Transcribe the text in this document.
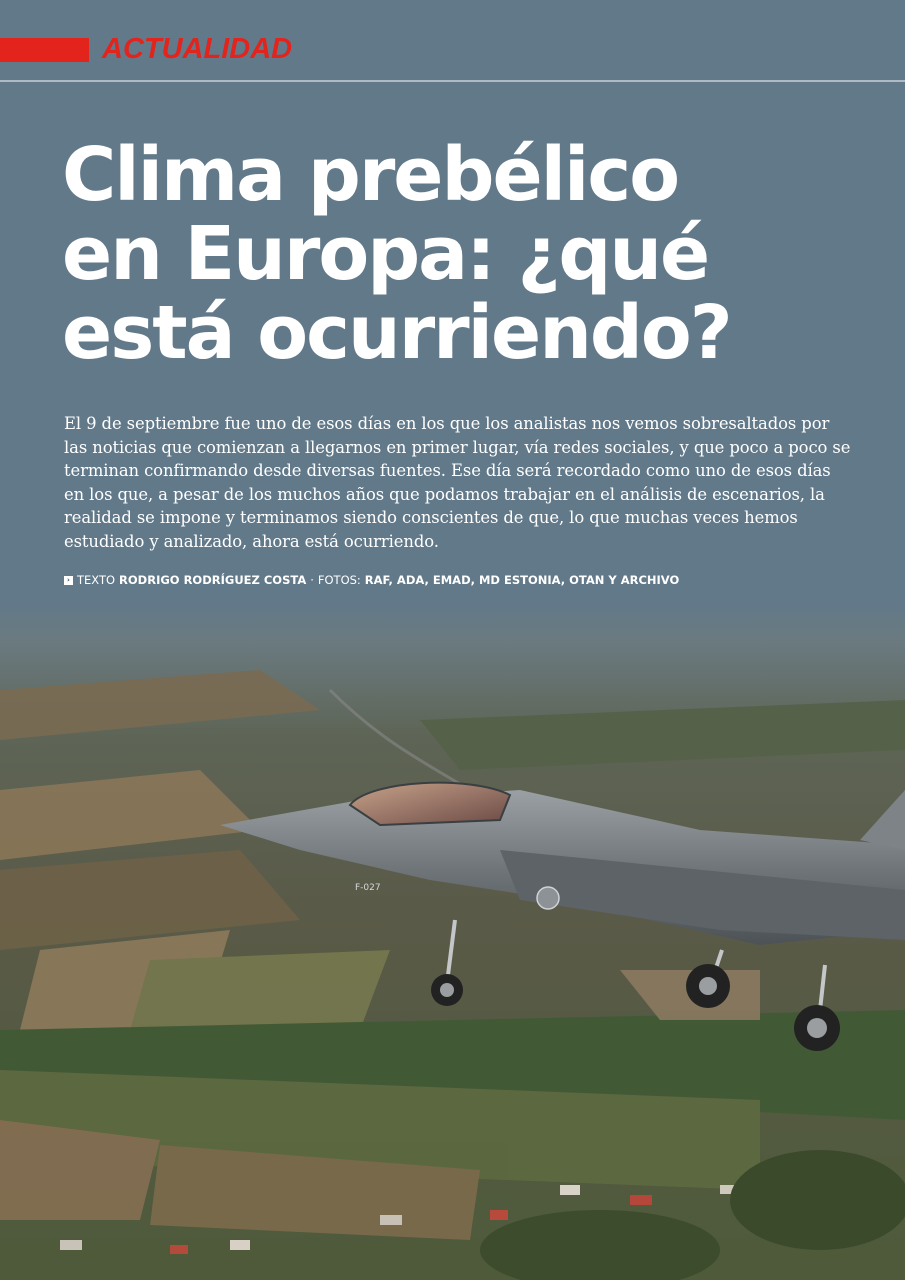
ACTUALIDAD
Clima prebélico
en Europa: ¿qué
está ocurriendo?

El 9 de septiembre fue uno de esos días en los que los analistas nos vemos sobresaltados por las noticias que comienzan a llegarnos en primer lugar, vía redes sociales, y que poco a poco se terminan confirmando desde diversas fuentes. Ese día será recordado como uno de esos días en los que, a pesar de los muchos años que podamos trabajar en el análisis de escenarios, la realidad se impone y terminamos siendo conscientes de que, lo que muchas veces hemos estudiado y analizado, ahora está ocurriendo.

› TEXTO RODRIGO RODRÍGUEZ COSTA · FOTOS: RAF, ADA, EMAD, MD ESTONIA, OTAN Y ARCHIVO
F-027
